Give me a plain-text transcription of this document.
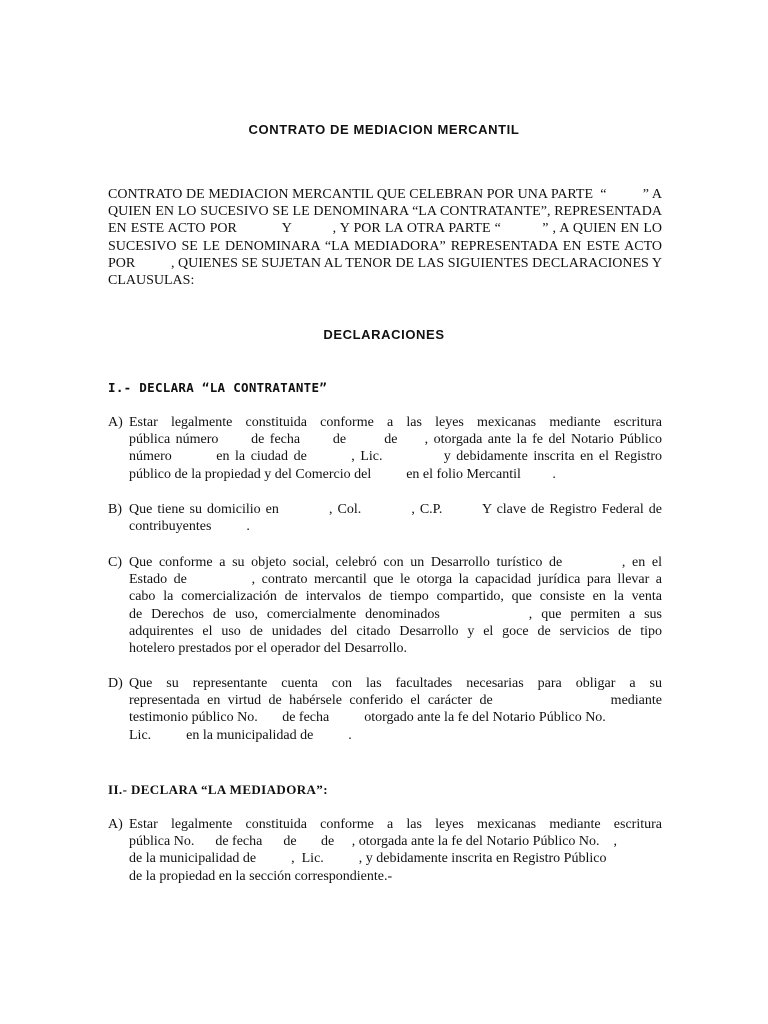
CONTRATO DE MEDIACION MERCANTIL
CONTRATO DE MEDIACION MERCANTIL QUE CELEBRAN POR UNA PARTE  “          ” A
QUIEN EN LO SUCESIVO SE LE DENOMINARA “LA CONTRATANTE”, REPRESENTADA
EN ESTE ACTO POR           Y          , Y POR LA OTRA PARTE “          ” , A QUIEN EN LO
SUCESIVO SE LE DENOMINARA “LA MEDIADORA” REPRESENTADA EN ESTE ACTO
POR          , QUIENES SE SUJETAN AL TENOR DE LAS SIGUIENTES DECLARACIONES Y
CLAUSULAS:
DECLARACIONES
I.- DECLARA “LA CONTRATANTE”
A) Estar legalmente constituida conforme a las leyes mexicanas mediante escritura
pública número      de fecha      de       de     , otorgada ante la fe del Notario Público
número        en la ciudad de        , Lic.           y debidamente inscrita en el Registro
público de la propiedad y del Comercio del          en el folio Mercantil         .
B) Que tiene su domicilio en          , Col.          , C.P.        Y clave de Registro Federal de
contribuyentes          .
C) Que conforme a su objeto social, celebró con un Desarrollo turístico de         , en el
Estado de          , contrato mercantil que le otorga la capacidad jurídica para llevar a
cabo la comercialización de intervalos de tiempo compartido, que consiste en la venta
de Derechos de uso, comercialmente denominados          , que permiten a sus
adquirentes el uso de unidades del citado Desarrollo y el goce de servicios de tipo
hotelero prestados por el operador del Desarrollo.
D) Que su representante cuenta con las facultades necesarias para obligar a su
representada en virtud de habérsele conferido el carácter de                mediante
testimonio público No.       de fecha          otorgado ante la fe del Notario Público No.
Lic.          en la municipalidad de          .
II.- DECLARA “LA MEDIADORA”:
A) Estar legalmente constituida conforme a las leyes mexicanas mediante escritura
pública No.      de fecha      de       de     , otorgada ante la fe del Notario Público No.    ,
de la municipalidad de          ,  Lic.          , y debidamente inscrita en Registro Público
de la propiedad en la sección correspondiente.-
